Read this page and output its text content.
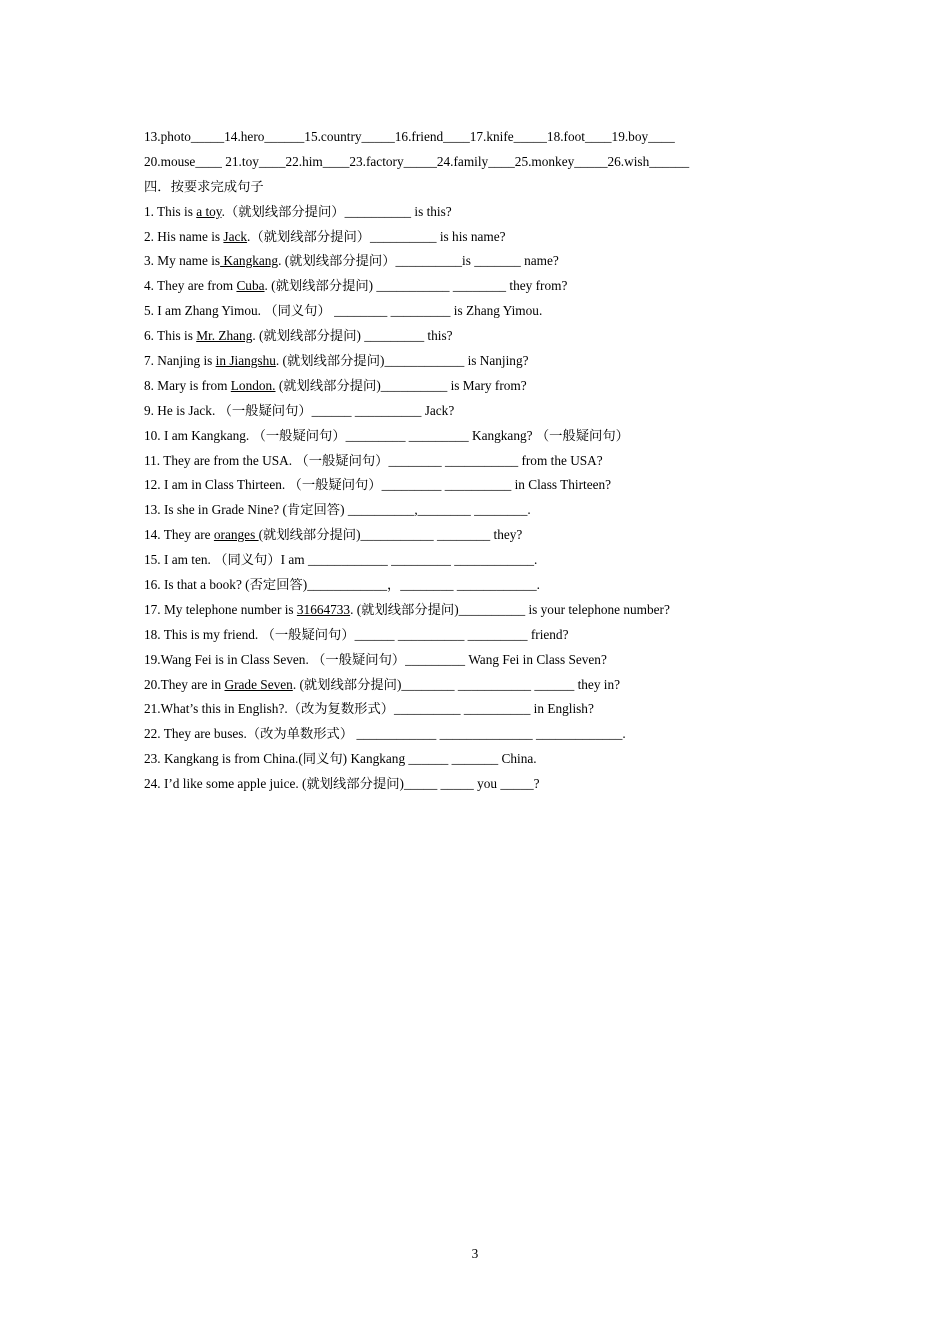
13.photo_____14.hero______15.country_____16.friend____17.knife_____18.foot____19.boy____
20.mouse____ 21.toy____22.him____23.factory_____24.family____25.monkey_____26.wish______
四．按要求完成句子
1. This is a toy.（就划线部分提问）__________ is this?
2. His name is Jack.（就划线部分提问）__________ is his name?
3. My name is Kangkang. (就划线部分提问）__________is _______ name?
4. They are from Cuba. (就划线部分提问) ___________ ________ they from?
5. I am Zhang Yimou. （同义句） ________ _________ is Zhang Yimou.
6. This is Mr. Zhang. (就划线部分提问) _________ this?
7. Nanjing is in Jiangshu. (就划线部分提问)____________ is Nanjing?
8. Mary is from London. (就划线部分提问)__________ is Mary from?
9. He is Jack. （一般疑问句）______ __________ Jack?
10. I am Kangkang. （一般疑问句）_________ _________ Kangkang? （一般疑问句）
11. They are from the USA. （一般疑问句）________ ___________ from the USA?
12. I am in Class Thirteen. （一般疑问句）_________ __________ in Class Thirteen?
13. Is she in Grade Nine? (肯定回答) __________,________ ________.
14. They are oranges (就划线部分提问)___________ ________ they?
15. I am ten. （同义句）I am ____________ _________ ____________.
16. Is that a book? (否定回答)____________，________ ____________.
17. My telephone number is 31664733. (就划线部分提问)__________ is your telephone number?
18. This is my friend. （一般疑问句）______ __________ _________ friend?
19.Wang Fei is in Class Seven. （一般疑问句）_________ Wang Fei in Class Seven?
20.They are in Grade Seven. (就划线部分提问)________ ___________ ______ they in?
21.What’s this in English?.（改为复数形式）__________ __________ in English?
22. They are buses.（改为单数形式） ____________ ______________ _____________.
23. Kangkang is from China.(同义句) Kangkang ______ _______ China.
24. I’d like some apple juice. (就划线部分提问)_____ _____ you _____?
3
